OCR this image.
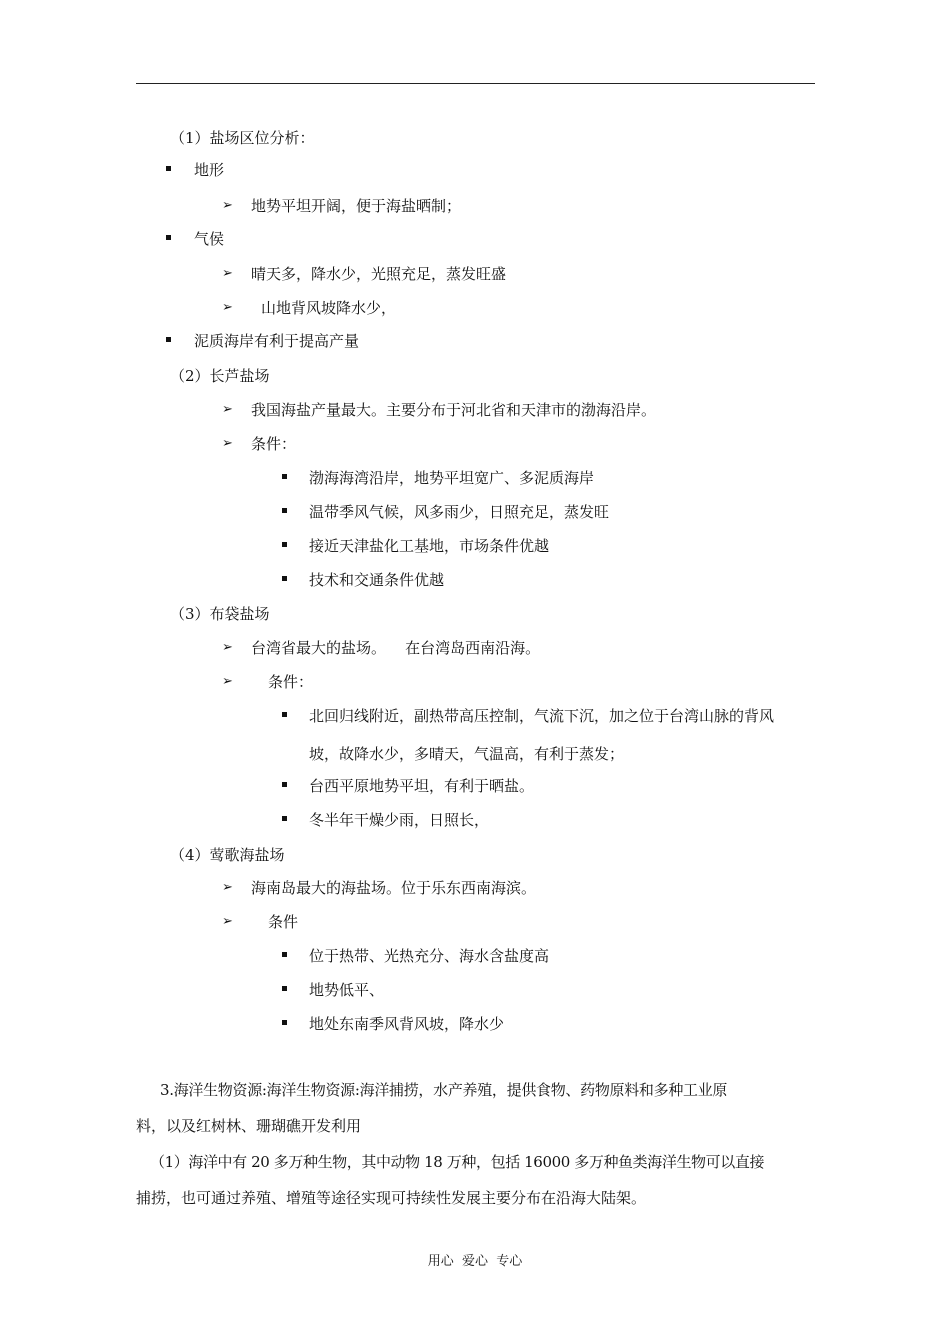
（1）盐场区位分析：
地形
➢ 地势平坦开阔，便于海盐晒制；
气侯
➢ 晴天多，降水少，光照充足，蒸发旺盛
➢ 山地背风坡降水少，
泥质海岸有利于提高产量
（2）长芦盐场
➢ 我国海盐产量最大。主要分布于河北省和天津市的渤海沿岸。
➢ 条件：
渤海海湾沿岸，地势平坦宽广、多泥质海岸
温带季风气候，风多雨少，日照充足，蒸发旺
接近天津盐化工基地，市场条件优越
技术和交通条件优越
（3）布袋盐场
➢ 台湾省最大的盐场。    在台湾岛西南沿海。
➢ 条件：
北回归线附近，副热带高压控制，气流下沉，加之位于台湾山脉的背风
坡，故降水少，多晴天，气温高，有利于蒸发；
台西平原地势平坦，有利于晒盐。
冬半年干燥少雨，日照长，
（4）莺歌海盐场
➢ 海南岛最大的海盐场。位于乐东西南海滨。
➢ 条件
位于热带、光热充分、海水含盐度高
地势低平、
地处东南季风背风坡，降水少
3.海洋生物资源:海洋生物资源:海洋捕捞，水产养殖，提供食物、药物原料和多种工业原
料，以及红树林、珊瑚礁开发利用
（1）海洋中有 20 多万种生物，其中动物 18 万种，包括 16000 多万种鱼类海洋生物可以直接
捕捞，也可通过养殖、增殖等途径实现可持续性发展主要分布在沿海大陆架。
用心  爱心  专心
